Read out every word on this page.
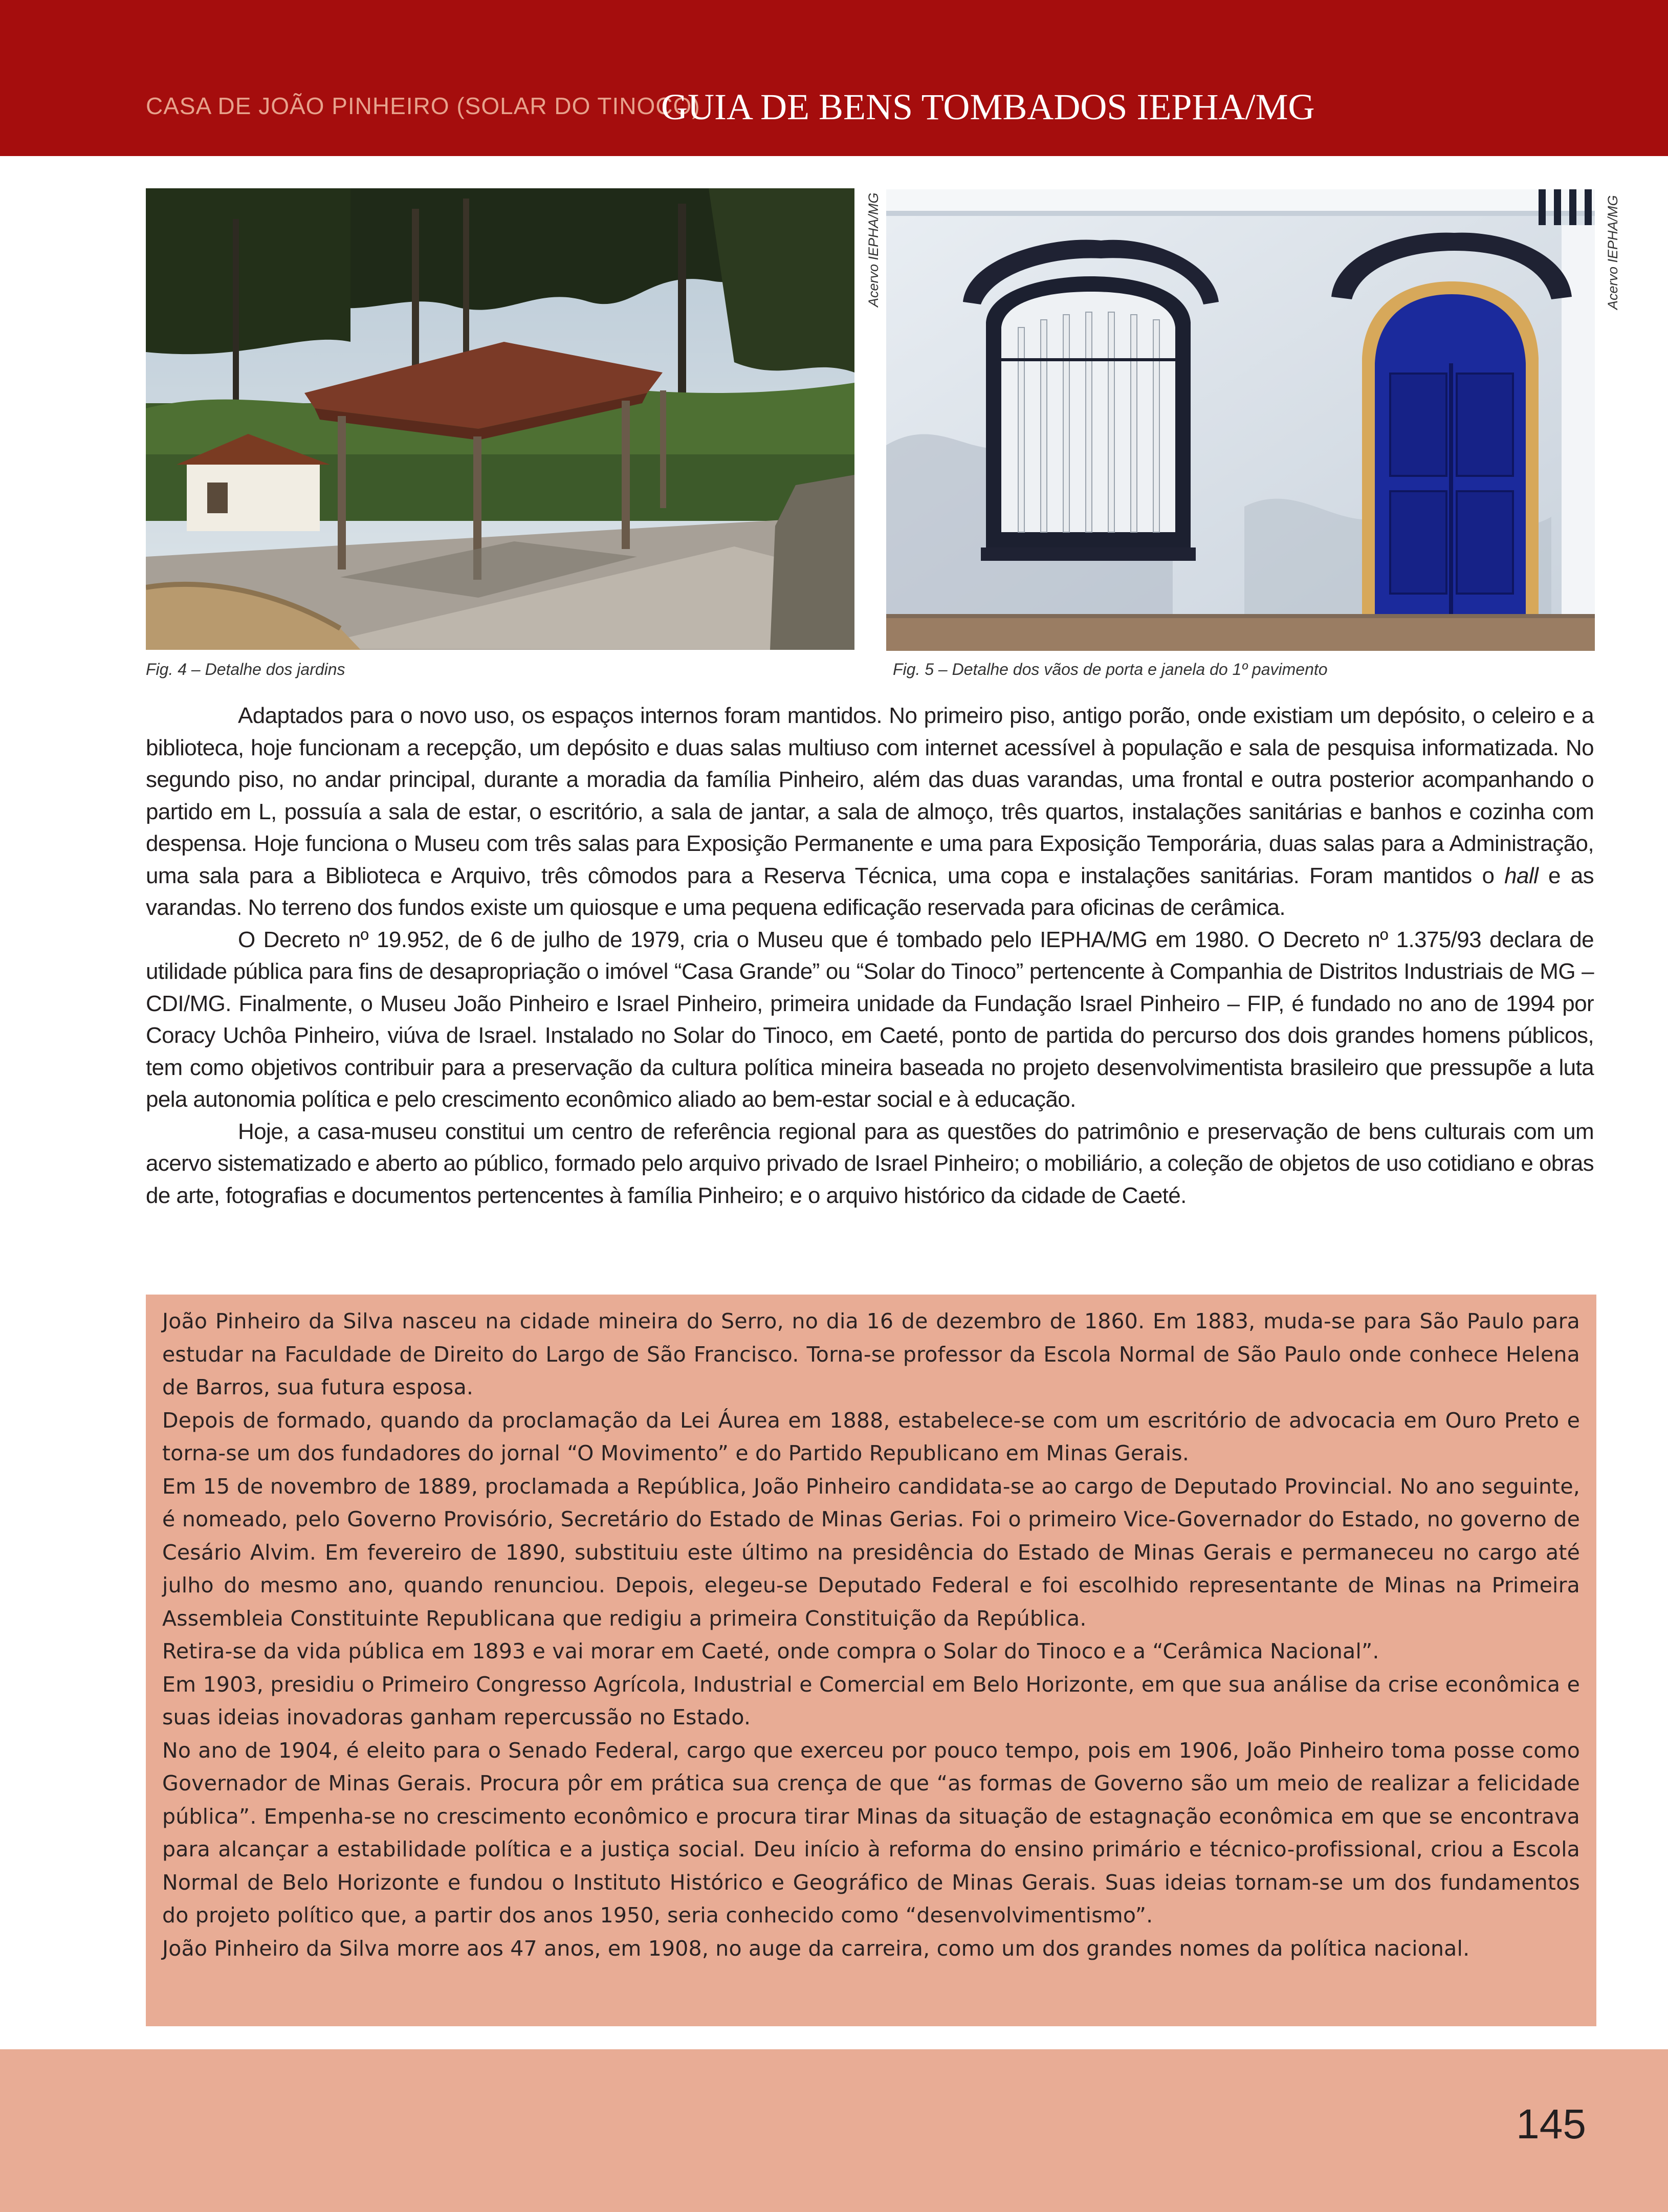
CASA DE JOÃO PINHEIRO (SOLAR DO TINOCO)
GUIA DE BENS TOMBADOS IEPHA/MG
Acervo IEPHA/MG
Fig. 4 – Detalhe dos jardins
Acervo IEPHA/MG
Fig. 5 – Detalhe dos vãos de porta e janela do 1º pavimento

Adaptados para o novo uso, os espaços internos foram mantidos. No primeiro piso, antigo porão, onde existiam um depósito, o celeiro e a biblioteca, hoje funcionam a recepção, um depósito e duas salas multiuso com internet acessível à população e sala de pesquisa informatizada. No segundo piso, no andar principal, durante a moradia da família Pinheiro, além das duas varandas, uma frontal e outra posterior acompanhando o partido em L, possuía a sala de estar, o escritório, a sala de jantar, a sala de almoço, três quartos, instalações sanitárias e banhos e cozinha com despensa. Hoje funciona o Museu com três salas para Exposição Permanente e uma para Exposição Temporária, duas salas para a Administração, uma sala para a Biblioteca e Arquivo, três cômodos para a Reserva Técnica, uma copa e instalações sanitárias. Foram mantidos o hall e as varandas. No terreno dos fundos existe um quiosque e uma pequena edificação reservada para oficinas de cerâmica.

O Decreto nº 19.952, de 6 de julho de 1979, cria o Museu que é tombado pelo IEPHA/MG em 1980. O Decreto nº 1.375/93 declara de utilidade pública para fins de desapropriação o imóvel “Casa Grande” ou “Solar do Tinoco” pertencente à Companhia de Distritos Industriais de MG – CDI/MG. Finalmente, o Museu João Pinheiro e Israel Pinheiro, primeira unidade da Fundação Israel Pinheiro – FIP, é fundado no ano de 1994 por Coracy Uchôa Pinheiro, viúva de Israel. Instalado no Solar do Tinoco, em Caeté, ponto de partida do percurso dos dois grandes homens públicos, tem como objetivos contribuir para a preservação da cultura política mineira baseada no projeto desenvolvimentista brasileiro que pressupõe a luta pela autonomia política e pelo crescimento econômico aliado ao bem-estar social e à educação.

Hoje, a casa-museu constitui um centro de referência regional para as questões do patrimônio e preservação de bens culturais com um acervo sistematizado e aberto ao público, formado pelo arquivo privado de Israel Pinheiro; o mobiliário, a coleção de objetos de uso cotidiano e obras de arte, fotografias e documentos pertencentes à família Pinheiro; e o arquivo histórico da cidade de Caeté.

João Pinheiro da Silva nasceu na cidade mineira do Serro, no dia 16 de dezembro de 1860. Em 1883, muda-se para São Paulo para estudar na Faculdade de Direito do Largo de São Francisco. Torna-se professor da Escola Normal de São Paulo onde conhece Helena de Barros, sua futura esposa.

Depois de formado, quando da proclamação da Lei Áurea em 1888, estabelece-se com um escritório de advocacia em Ouro Preto e torna-se um dos fundadores do jornal “O Movimento” e do Partido Republicano em Minas Gerais.

Em 15 de novembro de 1889, proclamada a República, João Pinheiro candidata-se ao cargo de Deputado Provincial. No ano seguinte, é nomeado, pelo Governo Provisório, Secretário do Estado de Minas Gerias. Foi o primeiro Vice-Governador do Estado, no governo de Cesário Alvim. Em fevereiro de 1890, substituiu este último na presidência do Estado de Minas Gerais e permaneceu no cargo até julho do mesmo ano, quando renunciou. Depois, elegeu-se Deputado Federal e foi escolhido representante de Minas na Primeira Assembleia Constituinte Republicana que redigiu a primeira Constituição da República.

Retira-se da vida pública em 1893 e vai morar em Caeté, onde compra o Solar do Tinoco e a “Cerâmica Nacional”.

Em 1903, presidiu o Primeiro Congresso Agrícola, Industrial e Comercial em Belo Horizonte, em que sua análise da crise econômica e suas ideias inovadoras ganham repercussão no Estado.

No ano de 1904, é eleito para o Senado Federal, cargo que exerceu por pouco tempo, pois em 1906, João Pinheiro toma posse como Governador de Minas Gerais. Procura pôr em prática sua crença de que “as formas de Governo são um meio de realizar a felicidade pública”. Empenha-se no crescimento econômico e procura tirar Minas da situação de estagnação econômica em que se encontrava para alcançar a estabilidade política e a justiça social. Deu início à reforma do ensino primário e técnico-profissional, criou a Escola Normal de Belo Horizonte e fundou o Instituto Histórico e Geográfico de Minas Gerais. Suas ideias tornam-se um dos fundamentos do projeto político que, a partir dos anos 1950, seria conhecido como “desenvolvimentismo”.

João Pinheiro da Silva morre aos 47 anos, em 1908, no auge da carreira, como um dos grandes nomes da política nacional.

145
